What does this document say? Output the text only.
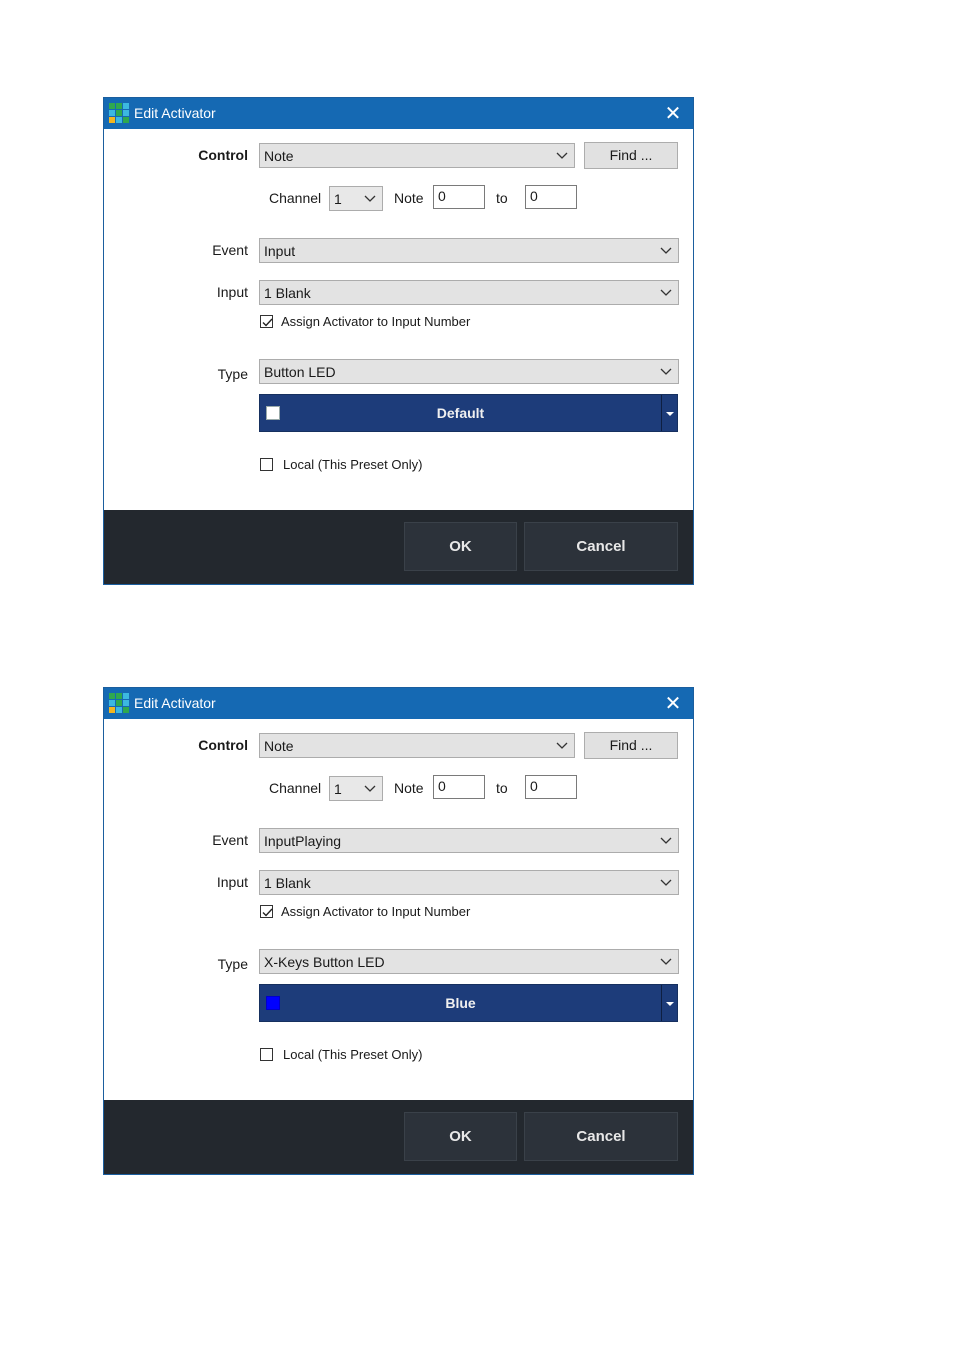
Edit Activator	✕
Control Note	Find ...
Channel 1	Note	0	to	0
Event Input
Input 1 Blank
Assign Activator to Input Number
Type Button LED
Default
Local (This Preset Only)
OK	Cancel
Edit Activator	✕
Control Note	Find ...
Channel 1	Note	0	to	0
Event InputPlaying
Input 1 Blank
Assign Activator to Input Number
Type X-Keys Button LED
Blue
Local (This Preset Only)
OK	Cancel
